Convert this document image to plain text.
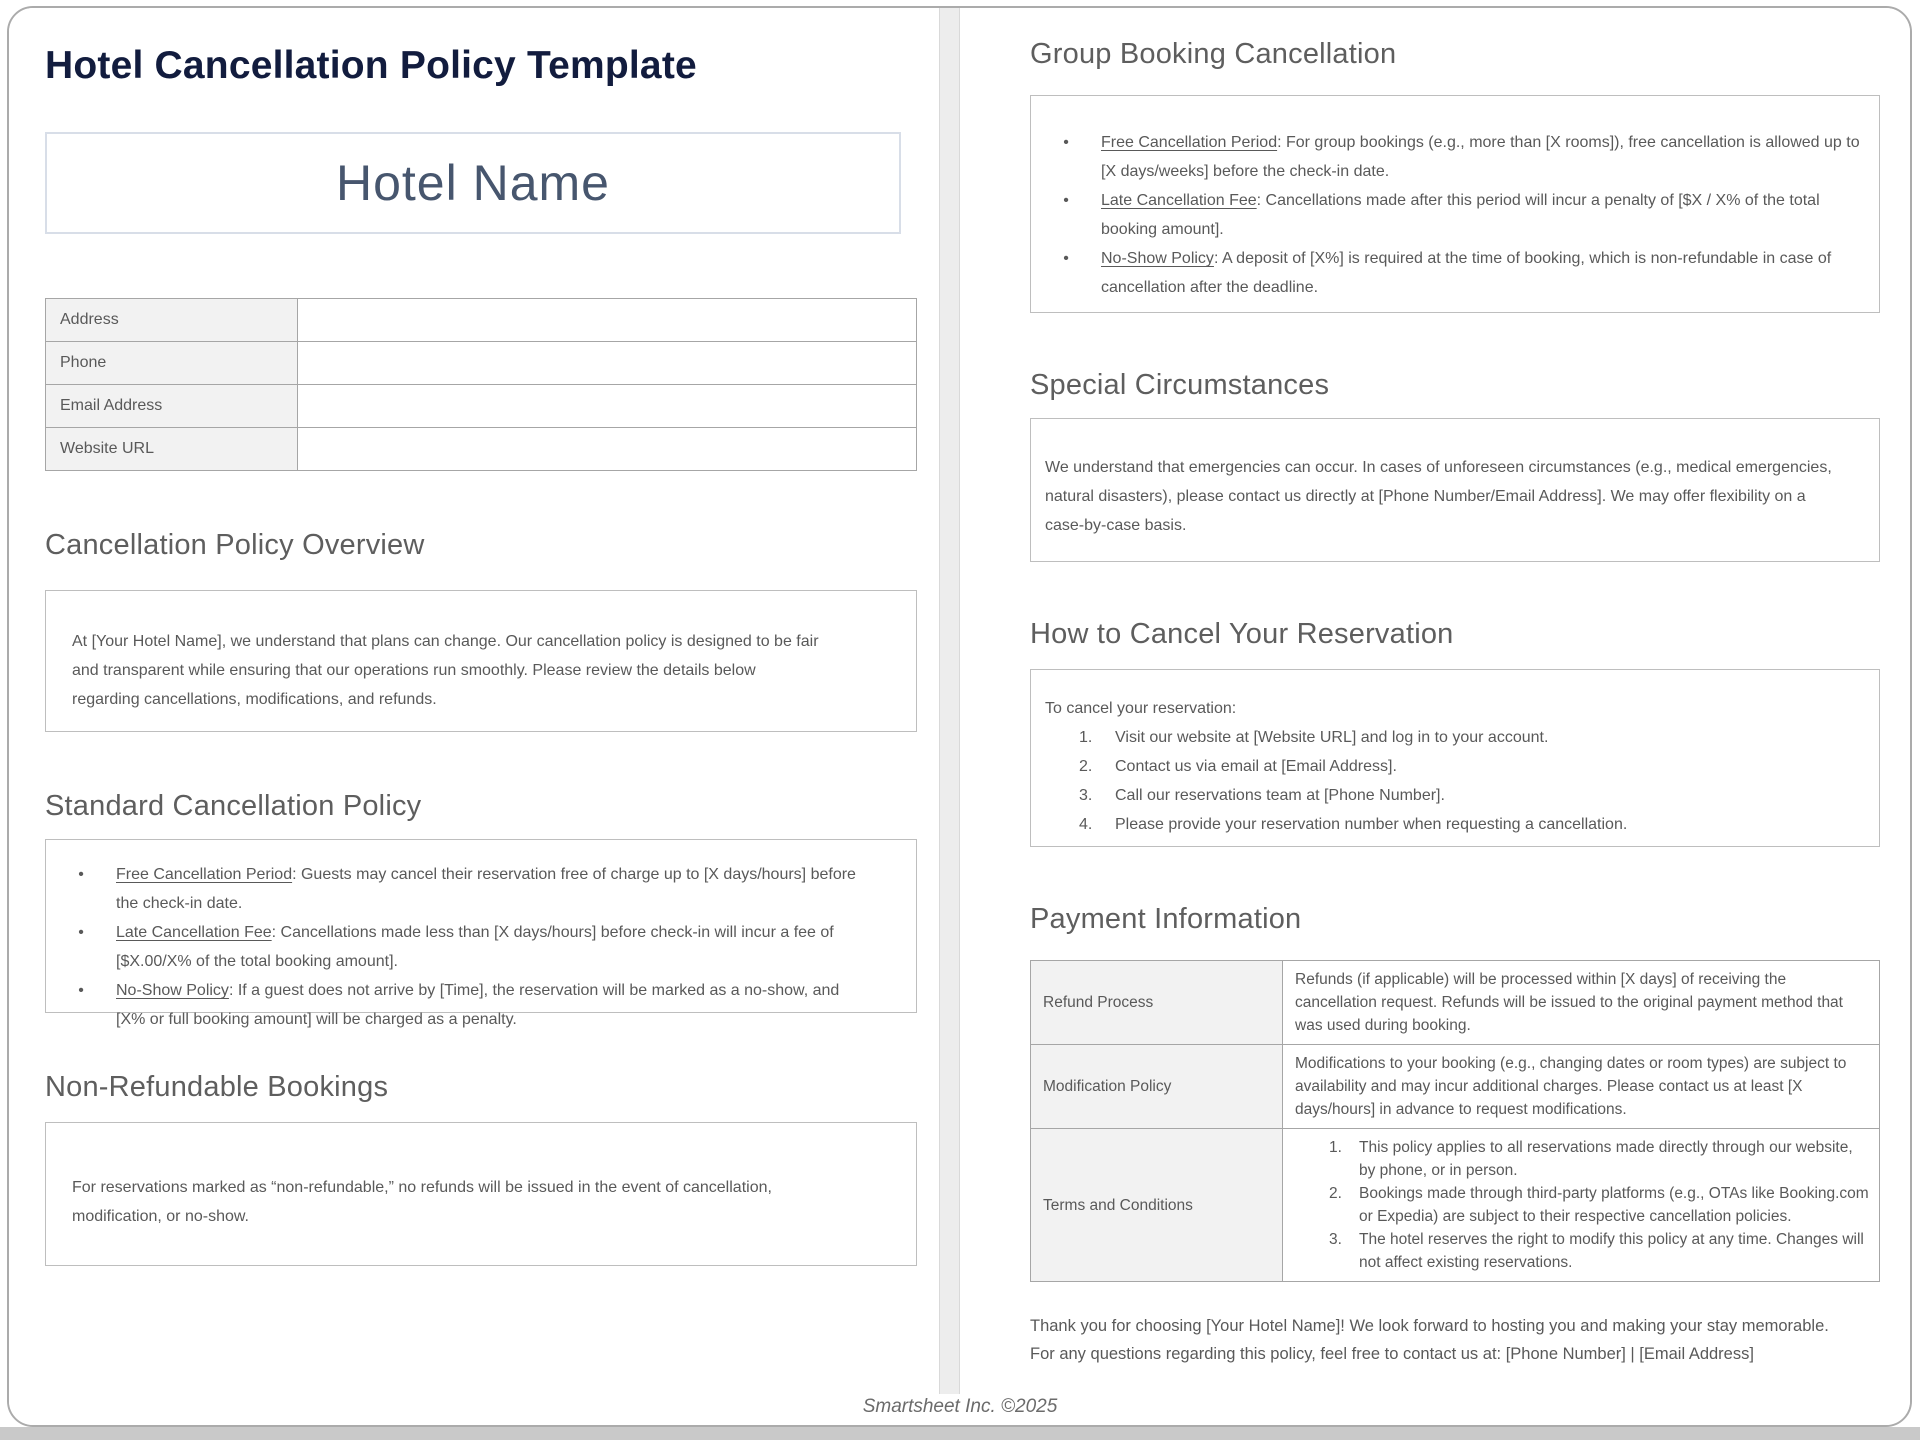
Hotel Cancellation Policy Template
Hotel Name
Address	
Phone	
Email Address	
Website URL	
Cancellation Policy Overview
At [Your Hotel Name], we understand that plans can change. Our cancellation policy is designed to be fair and transparent while ensuring that our operations run smoothly. Please review the details below regarding cancellations, modifications, and refunds.
Standard Cancellation Policy
•
Free Cancellation Period: Guests may cancel their reservation free of charge up to [X days/hours] before the check-in date.
•
Late Cancellation Fee: Cancellations made less than [X days/hours] before check-in will incur a fee of [$X.00/X% of the total booking amount].
•
No-Show Policy: If a guest does not arrive by [Time], the reservation will be marked as a no-show, and [X% or full booking amount] will be charged as a penalty.
Non-Refundable Bookings
For reservations marked as “non-refundable,” no refunds will be issued in the event of cancellation, modification, or no-show.
Group Booking Cancellation
•
Free Cancellation Period: For group bookings (e.g., more than [X rooms]), free cancellation is allowed up to [X days/weeks] before the check-in date.
•
Late Cancellation Fee: Cancellations made after this period will incur a penalty of [$X / X% of the total booking amount].
•
No-Show Policy: A deposit of [X%] is required at the time of booking, which is non-refundable in case of cancellation after the deadline.
Special Circumstances
We understand that emergencies can occur. In cases of unforeseen circumstances (e.g., medical emergencies, natural disasters), please contact us directly at [Phone Number/Email Address]. We may offer flexibility on a case-by-case basis.
How to Cancel Your Reservation
To cancel your reservation:
1.	Visit our website at [Website URL] and log in to your account.
2.	Contact us via email at [Email Address].
3.	Call our reservations team at [Phone Number].
4.	Please provide your reservation number when requesting a cancellation.
Payment Information
Refund Process	Refunds (if applicable) will be processed within [X days] of receiving the cancellation request. Refunds will be issued to the original payment method that was used during booking.
Modification Policy	Modifications to your booking (e.g., changing dates or room types) are subject to availability and may incur additional charges. Please contact us at least [X days/hours] in advance to request modifications.
Terms and Conditions	
1.	This policy applies to all reservations made directly through our website, by phone, or in person.
2.	Bookings made through third-party platforms (e.g., OTAs like Booking.com or Expedia) are subject to their respective cancellation policies.
3.	The hotel reserves the right to modify this policy at any time. Changes will not affect existing reservations.
Thank you for choosing [Your Hotel Name]! We look forward to hosting you and making your stay memorable.
For any questions regarding this policy, feel free to contact us at: [Phone Number] | [Email Address]
Smartsheet Inc. ©2025
